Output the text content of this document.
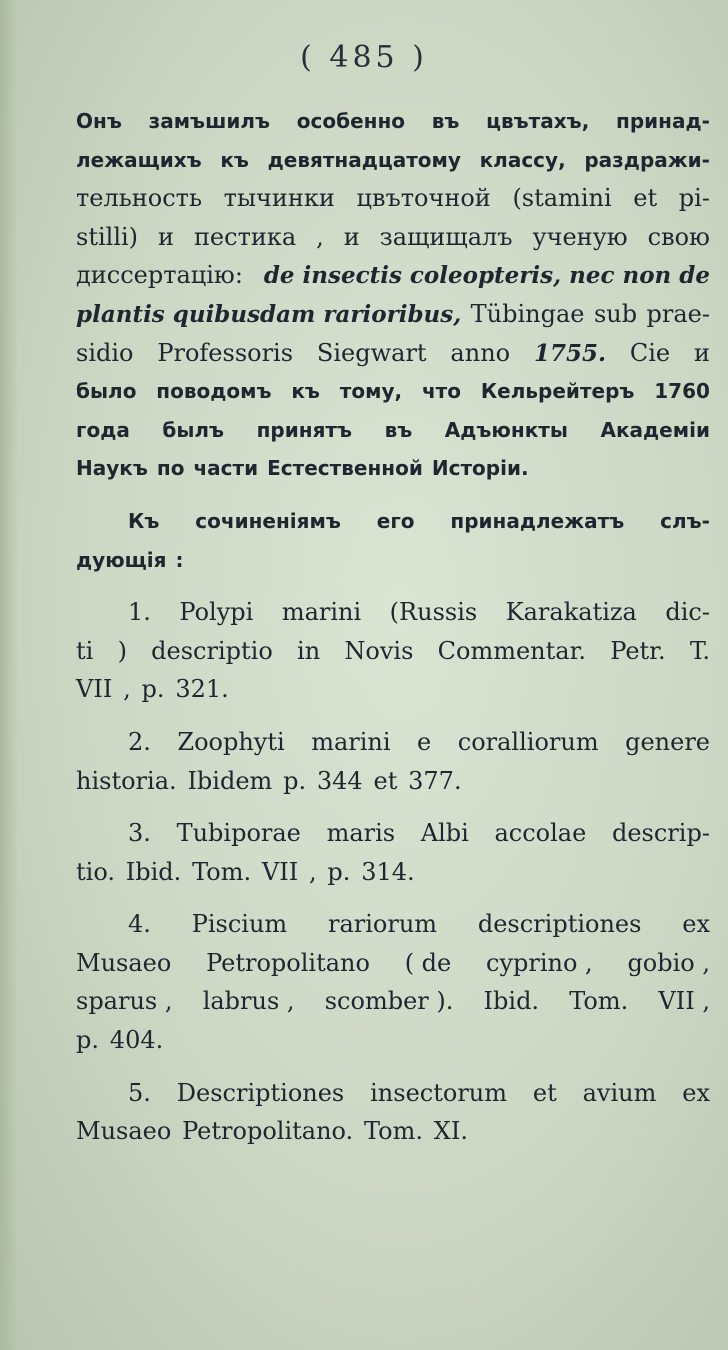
( 485 )
Онъ замъшилъ особенно въ цвътахъ, принад-
лежащихъ къ девятнадцатому классу, раздражи-
тельность тычинки цвъточной (stamini et pi-
stilli) и пестика , и защищалъ ученую свою
диссертацію: de insectis coleopteris, nec non de
plantis quibusdam rarioribus, Tübingae sub prae-
sidio Professoris Siegwart anno 1755. Cie и
было поводомъ къ тому, что Кельрейтеръ 1760
года былъ принятъ въ Адъюнкты Академіи
Наукъ по части Естественной Исторіи.
Къ сочиненіямъ его принадлежатъ слъ-
дующія :
1. Polypi marini (Russis Karakatiza dic-
ti ) descriptio in Novis Commentar. Petr. T.
VII , p. 321.
2. Zoophyti marini e coralliorum genere
historia. Ibidem p. 344 et 377.
3. Tubiporae maris Albi accolae descrip-
tio. Ibid. Tom. VII , p. 314.
4. Piscium rariorum descriptiones ex
Musaeo Petropolitano ( de cyprino , gobio ,
sparus , labrus , scomber ). Ibid. Tom. VII ,
p. 404.
5. Descriptiones insectorum et avium ex
Musaeo Petropolitano. Tom. XI.
